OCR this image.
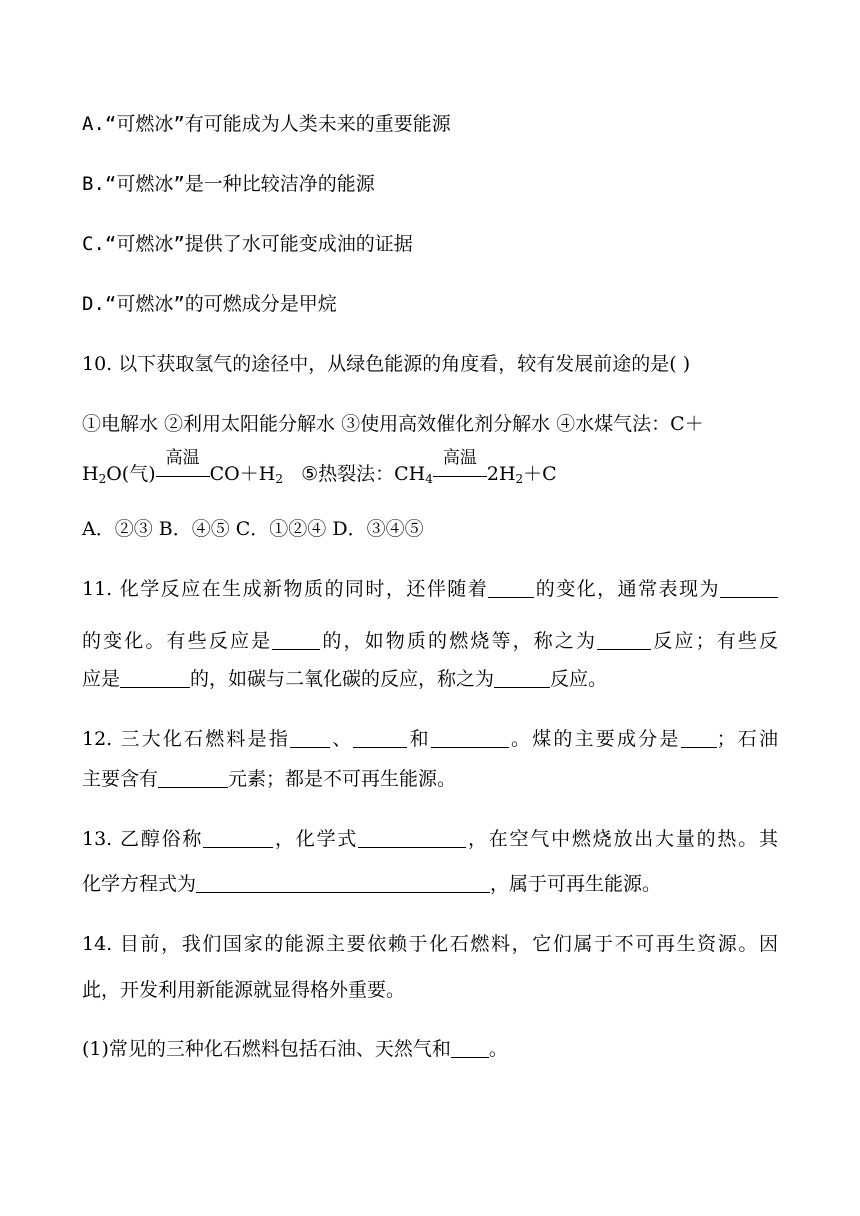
A.“可燃冰”有可能成为人类未来的重要能源
B.“可燃冰”是一种比较洁净的能源
C.“可燃冰”提供了水可能变成油的证据
D.“可燃冰”的可燃成分是甲烷
10. 以下获取氢气的途径中，从绿色能源的角度看，较有发展前途的是( )
①电解水 ②利用太阳能分解水 ③使用高效催化剂分解水 ④水煤气法：C＋
$H_2O$(气)
高温
$CO+H_2$ ⑤热裂法：$CH_4$
高温
$2H_2+C$
A．②③ B．④⑤ C．①②④ D．③④⑤
11. 化学反应在生成新物质的同时，还伴随着 的变化，通常表现为
的变化。有些反应是	的，如物质的燃烧等，称之为	反应；有些反
应是	的，如碳与二氧化碳的反应，称之为	反应。
12. 三大化石燃料是指 、	和	。煤的主要成分是 ；石油
主要含有	元素；都是不可再生能源。
13. 乙醇俗称	，化学式	，在空气中燃烧放出大量的热。其
化学方程式为	，属于可再生能源。
14. 目前，我们国家的能源主要依赖于化石燃料，它们属于不可再生资源。因
此，开发利用新能源就显得格外重要。
(1)常见的三种化石燃料包括石油、天然气和 。
